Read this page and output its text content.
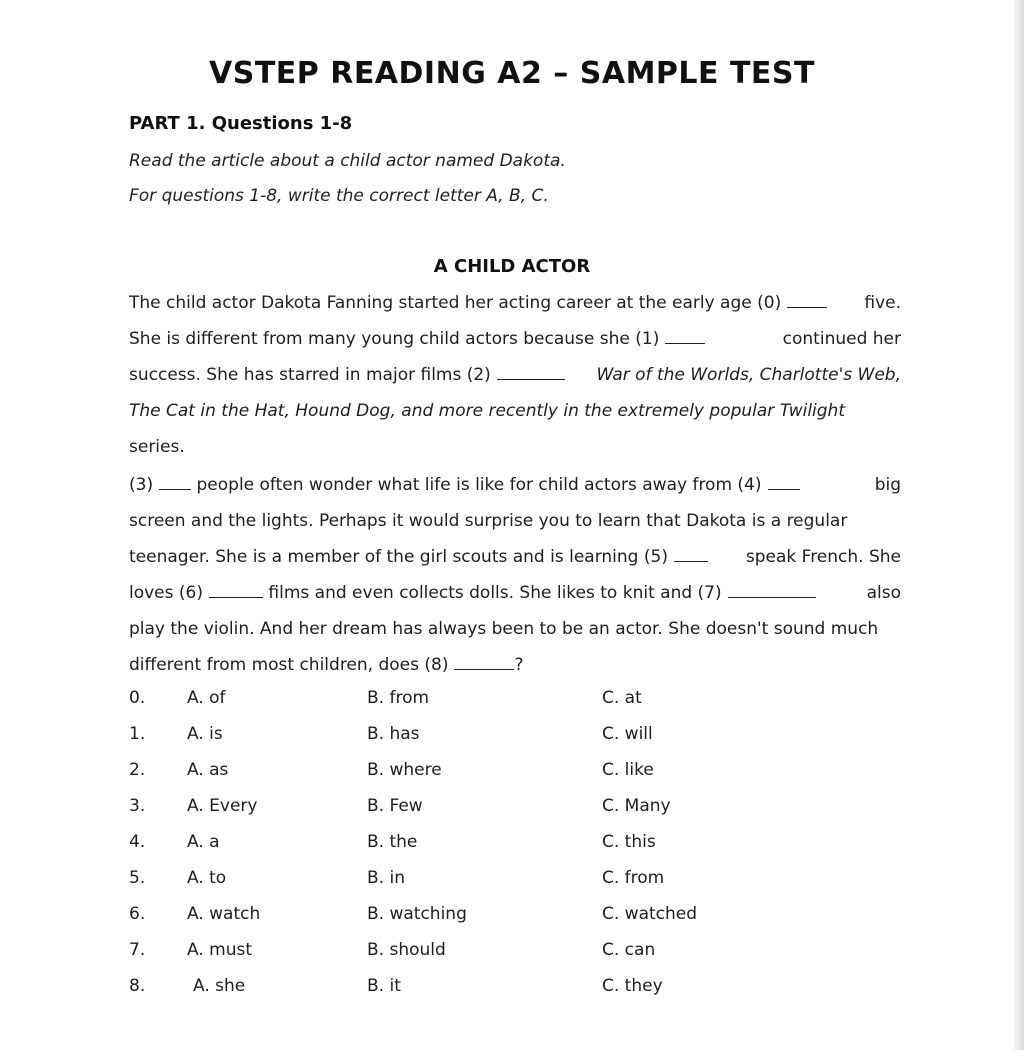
VSTEP READING A2 – SAMPLE TEST
PART 1. Questions 1-8
Read the article about a child actor named Dakota.
For questions 1-8, write the correct letter A, B, C.
A CHILD ACTOR
The child actor Dakota Fanning started her acting career at the early age (0)	five.
She is different from many young child actors because she (1)	continued her
success. She has starred in major films (2)	War of the Worlds, Charlotte's Web,
The Cat in the Hat, Hound Dog, and more recently in the extremely popular Twilight
series.
(3)	people often wonder what life is like for child actors away from (4)	big
screen and the lights. Perhaps it would surprise you to learn that Dakota is a regular
teenager. She is a member of the girl scouts and is learning (5)	speak French. She
loves (6)	films and even collects dolls. She likes to knit and (7)	also
play the violin. And her dream has always been to be an actor. She doesn't sound much
different from most children, does (8)	?
0. A. of	B. from	C. at
1. A. is	B. has	C. will
2. A. as	B. where	C. like
3. A. Every	B. Few	C. Many
4. A. a	B. the	C. this
5. A. to	B. in	C. from
6. A. watch	B. watching	C. watched
7. A. must	B. should	C. can
8.	A. she	B. it	C. they
